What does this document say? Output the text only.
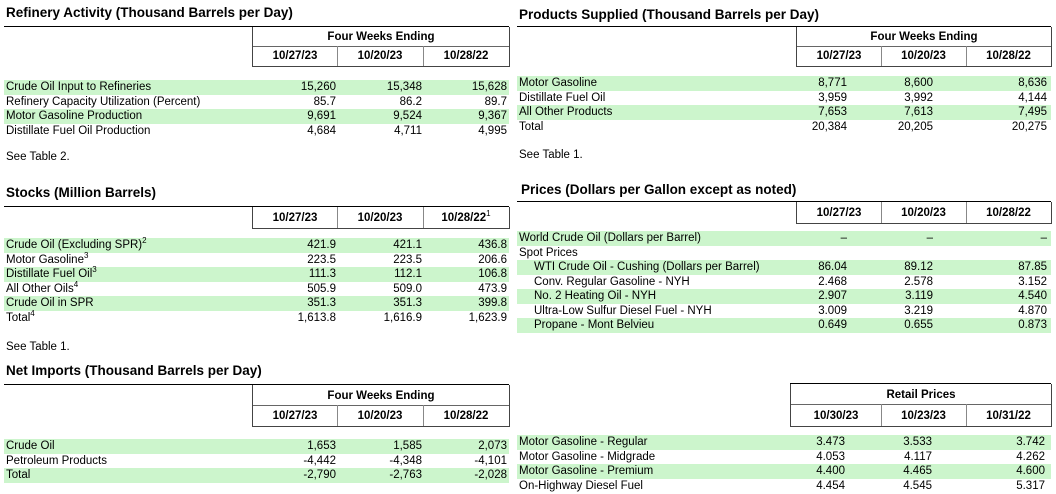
Refinery Activity (Thousand Barrels per Day)
Four Weeks Ending
10/27/23	10/20/23	10/28/22
Crude Oil Input to Refineries	15,260	15,348	15,628
Refinery Capacity Utilization (Percent)	85.7	86.2	89.7
Motor Gasoline Production	9,691	9,524	9,367
Distillate Fuel Oil Production	4,684	4,711	4,995
See Table 2.
Stocks (Million Barrels)
10/27/23	10/20/23	$10/28/22^1$
Crude Oil (Excluding SPR)$^2$	421.9	421.1	436.8
Motor Gasoline$^3$	223.5	223.5	206.6
Distillate Fuel Oil$^3$	111.3	112.1	106.8
All Other Oils$^4$	505.9	509.0	473.9
Crude Oil in SPR	351.3	351.3	399.8
Total$^4$	1,613.8	1,616.9	1,623.9
See Table 1.
Net Imports (Thousand Barrels per Day)
Four Weeks Ending
10/27/23	10/20/23	10/28/22
Crude Oil	1,653	1,585	2,073
Petroleum Products	-4,442	-4,348	-4,101
Total	-2,790	-2,763	-2,028
Products Supplied (Thousand Barrels per Day)
Four Weeks Ending
10/27/23	10/20/23	10/28/22
Motor Gasoline	8,771	8,600	8,636
Distillate Fuel Oil	3,959	3,992	4,144
All Other Products	7,653	7,613	7,495
Total	20,384	20,205	20,275
See Table 1.
Prices (Dollars per Gallon except as noted)
10/27/23	10/20/23	10/28/22
World Crude Oil (Dollars per Barrel)	–	–	–
Spot Prices
WTI Crude Oil - Cushing (Dollars per Barrel)	86.04	89.12	87.85
Conv. Regular Gasoline - NYH	2.468	2.578	3.152
No. 2 Heating Oil - NYH	2.907	3.119	4.540
Ultra-Low Sulfur Diesel Fuel - NYH	3.009	3.219	4.870
Propane - Mont Belvieu	0.649	0.655	0.873
Retail Prices
10/30/23	10/23/23	10/31/22
Motor Gasoline - Regular	3.473	3.533	3.742
Motor Gasoline - Midgrade	4.053	4.117	4.262
Motor Gasoline - Premium	4.400	4.465	4.600
On-Highway Diesel Fuel	4.454	4.545	5.317
